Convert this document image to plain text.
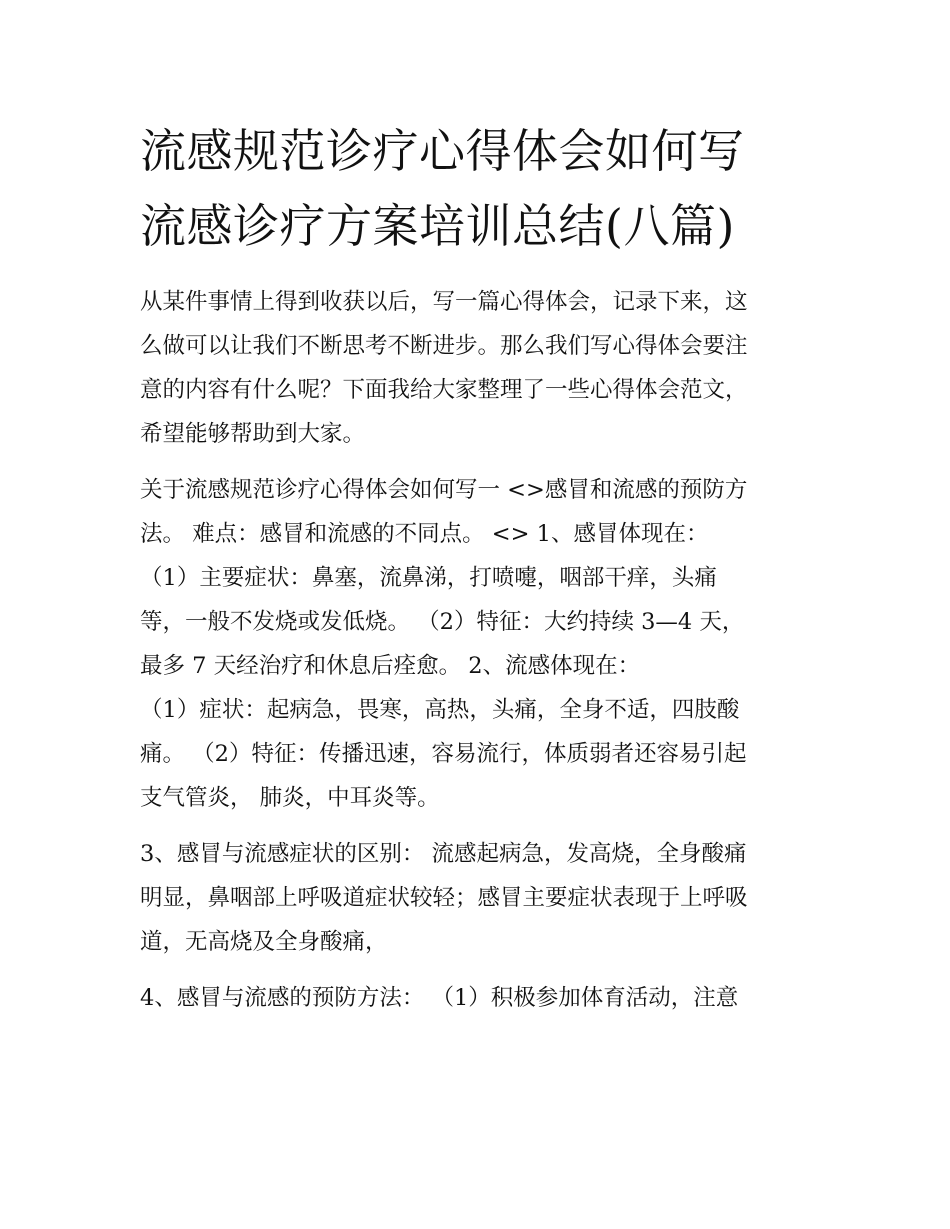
流感规范诊疗心得体会如何写
流感诊疗方案培训总结(八篇)
从某件事情上得到收获以后，写一篇心得体会，记录下来，这
么做可以让我们不断思考不断进步。那么我们写心得体会要注
意的内容有什么呢？下面我给大家整理了一些心得体会范文，
希望能够帮助到大家。
关于流感规范诊疗心得体会如何写一 <>感冒和流感的预防方
法。 难点：感冒和流感的不同点。 <> 1、感冒体现在：
（1）主要症状：鼻塞，流鼻涕，打喷嚏，咽部干痒，头痛
等，一般不发烧或发低烧。 （2）特征：大约持续 3—4 天，
最多 7 天经治疗和休息后痊愈。 2、流感体现在：
（1）症状：起病急，畏寒，高热，头痛，全身不适，四肢酸
痛。 （2）特征：传播迅速，容易流行，体质弱者还容易引起
支气管炎， 肺炎，中耳炎等。
3、感冒与流感症状的区别： 流感起病急，发高烧，全身酸痛
明显，鼻咽部上呼吸道症状较轻；感冒主要症状表现于上呼吸
道，无高烧及全身酸痛，
4、感冒与流感的预防方法： （1）积极参加体育活动，注意
